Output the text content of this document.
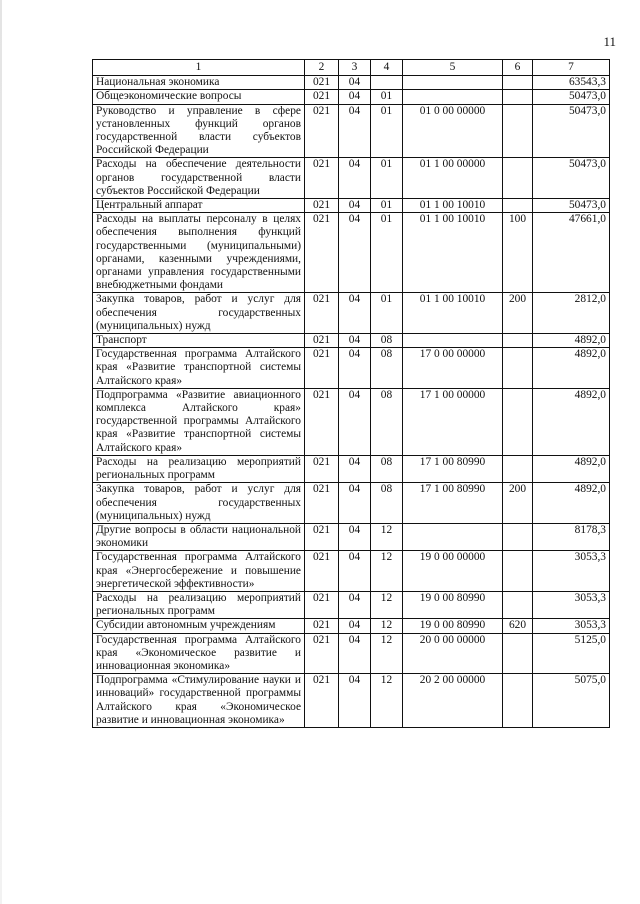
11
1	2	3	4	5	6	7
Национальная экономика	021	04				63543,3
Общеэкономические вопросы	021	04	01			50473,0
Руководство и управление в сфере установленных функций органов государственной власти субъектов Российской Федерации	021	04	01	01 0 00 00000		50473,0
Расходы на обеспечение деятельности органов государственной власти субъектов Российской Федерации	021	04	01	01 1 00 00000		50473,0
Центральный аппарат	021	04	01	01 1 00 10010		50473,0
Расходы на выплаты персоналу в целях обеспечения выполнения функций государственными (муниципальными) органами, казенными учреждениями, органами управления государственными внебюджетными фондами	021	04	01	01 1 00 10010	100	47661,0
Закупка товаров, работ и услуг для обеспечения государственных (муниципальных) нужд	021	04	01	01 1 00 10010	200	2812,0
Транспорт	021	04	08			4892,0
Государственная программа Алтайского края «Развитие транспортной системы Алтайского края»	021	04	08	17 0 00 00000		4892,0
Подпрограмма «Развитие авиационного комплекса Алтайского края» государственной программы Алтайского края «Развитие транспортной системы Алтайского края»	021	04	08	17 1 00 00000		4892,0
Расходы на реализацию мероприятий региональных программ	021	04	08	17 1 00 80990		4892,0
Закупка товаров, работ и услуг для обеспечения государственных (муниципальных) нужд	021	04	08	17 1 00 80990	200	4892,0
Другие вопросы в области национальной экономики	021	04	12			8178,3
Государственная программа Алтайского края «Энергосбережение и повышение энергетической эффективности»	021	04	12	19 0 00 00000		3053,3
Расходы на реализацию мероприятий региональных программ	021	04	12	19 0 00 80990		3053,3
Субсидии автономным учреждениям	021	04	12	19 0 00 80990	620	3053,3
Государственная программа Алтайского края «Экономическое развитие и инновационная экономика»	021	04	12	20 0 00 00000		5125,0
Подпрограмма «Стимулирование науки и инноваций» государственной программы Алтайского края «Экономическое развитие и инновационная экономика»	021	04	12	20 2 00 00000		5075,0
